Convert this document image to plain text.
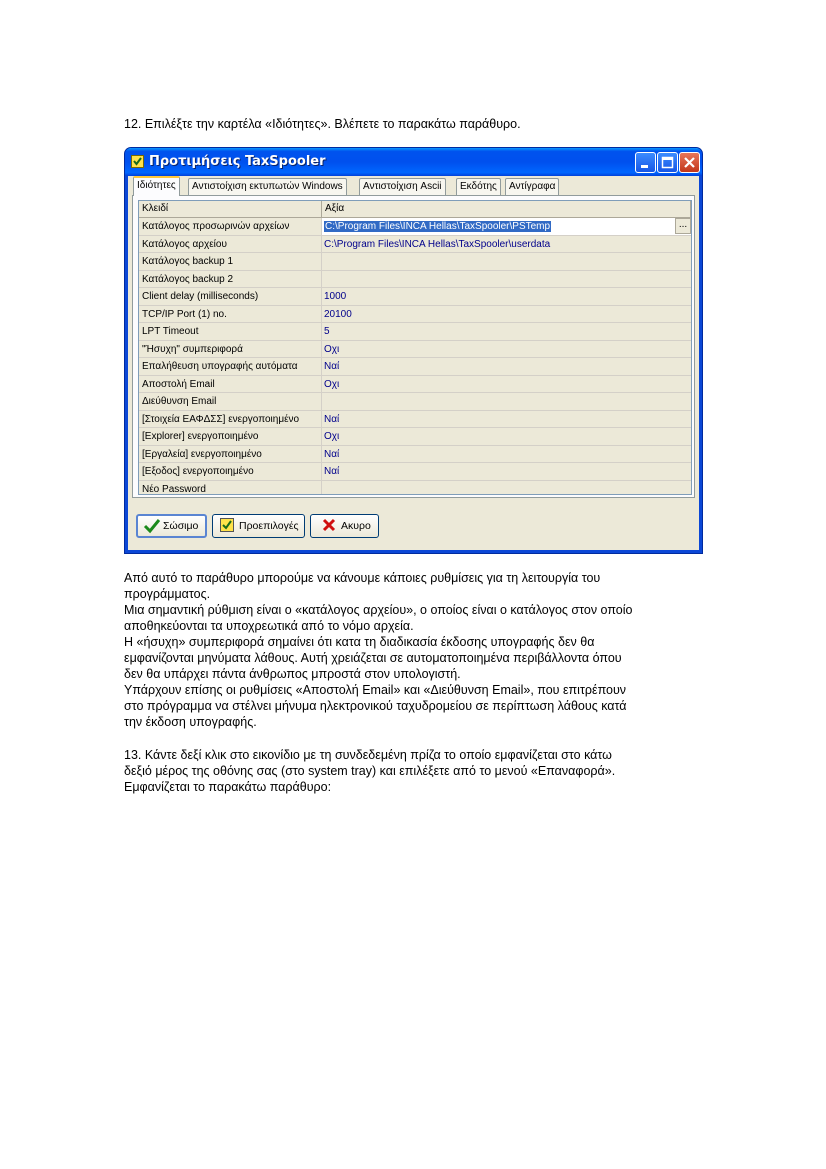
12. Επιλέξτε την καρτέλα «Ιδιότητες». Βλέπετε το παρακάτω παράθυρο.
Προτιμήσεις TaxSpooler
Ιδιότητες	Αντιστοίχιση εκτυπωτών Windows	Αντιστοίχιση Ascii	Εκδότης	Αντίγραφα
Κλειδί	Αξία
Κατάλογος προσωρινών αρχείων	C:\Program Files\INCA Hellas\TaxSpooler\PSTemp	...
Κατάλογος αρχείου	C:\Program Files\INCA Hellas\TaxSpooler\userdata
Κατάλογος backup 1
Κατάλογος backup 2
Client delay (milliseconds)	1000
TCP/IP Port (1) no.	20100
LPT Timeout	5
"Ήσυχη" συμπεριφορά	Οχι
Επαλήθευση υπογραφής αυτόματα	Ναί
Αποστολή Email	Οχι
Διεύθυνση Email
[Στοιχεία ΕΑΦΔΣΣ] ενεργοποιημένο	Ναί
[Explorer] ενεργοποιημένο	Οχι
[Εργαλεία] ενεργοποιημένο	Ναί
[Εξοδος] ενεργοποιημένο	Ναί
Νέο Password
Σώσιμο	Προεπιλογές	Ακυρο
Από αυτό το παράθυρο μπορούμε να κάνουμε κάποιες ρυθμίσεις για τη λειτουργία του
προγράμματος.
Μια σημαντική ρύθμιση είναι ο «κατάλογος αρχείου», ο οποίος είναι ο κατάλογος στον οποίο
αποθηκεύονται τα υποχρεωτικά από το νόμο αρχεία.
Η «ήσυχη» συμπεριφορά σημαίνει ότι κατα τη διαδικασία έκδοσης υπογραφής δεν θα
εμφανίζονται μηνύματα λάθους. Αυτή χρειάζεται σε αυτοματοποιημένα περιβάλλοντα όπου
δεν θα υπάρχει πάντα άνθρωπος μπροστά στον υπολογιστή.
Υπάρχουν επίσης οι ρυθμίσεις «Αποστολή Email» και «Διεύθυνση Email», που επιτρέπουν
στο πρόγραμμα να στέλνει μήνυμα ηλεκτρονικού ταχυδρομείου σε περίπτωση λάθους κατά
την έκδοση υπογραφής.
13. Κάντε δεξί κλικ στο εικονίδιο με τη συνδεδεμένη πρίζα το οποίο εμφανίζεται στο κάτω
δεξιό μέρος της οθόνης σας (στο system tray) και επιλέξετε από το μενού «Επαναφορά».
Εμφανίζεται το παρακάτω παράθυρο:
